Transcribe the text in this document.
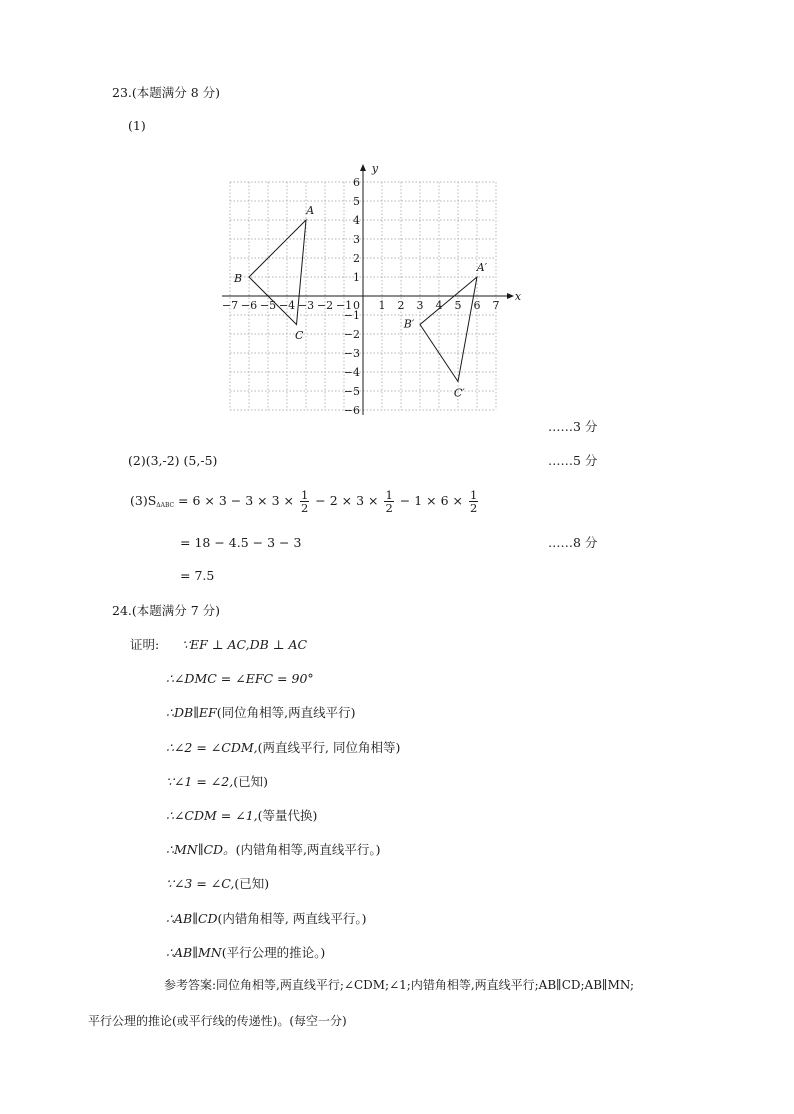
23.(本题满分 8 分)
(1)
x
y
−7 −6 −5 −4 −3 −2 −1 1 2 3 4 5 6 7
6
5
4
3
2
1
−1
−2
−3
−4
−5
−6
0
A
B
C
A′
B′
C′
……3 分
(2)(3,-2) (5,-5)	……5 分
$(3)S_{\Delta ABC} = 6 \times 3 - 3 \times 3 \times \frac{1}{2} - 2 \times 3 \times \frac{1}{2} - 1 \times 6 \times \frac{1}{2}$
= 18 − 4.5 − 3 − 3	……8 分
= 7.5
24.(本题满分 7 分)
证明: ∵EF ⊥ AC,DB ⊥ AC
∴∠DMC = ∠EFC = 90°
∴DB∥EF(同位角相等,两直线平行)
∴∠2 = ∠CDM,(两直线平行, 同位角相等)
∵∠1 = ∠2,(已知)
∴∠CDM = ∠1,(等量代换)
∴MN∥CD。(内错角相等,两直线平行。)
∵∠3 = ∠C,(已知)
∴AB∥CD(内错角相等, 两直线平行。)
∴AB∥MN(平行公理的推论。)
参考答案:同位角相等,两直线平行;∠CDM;∠1;内错角相等,两直线平行;AB∥CD;AB∥MN;
平行公理的推论(或平行线的传递性)。(每空一分)
